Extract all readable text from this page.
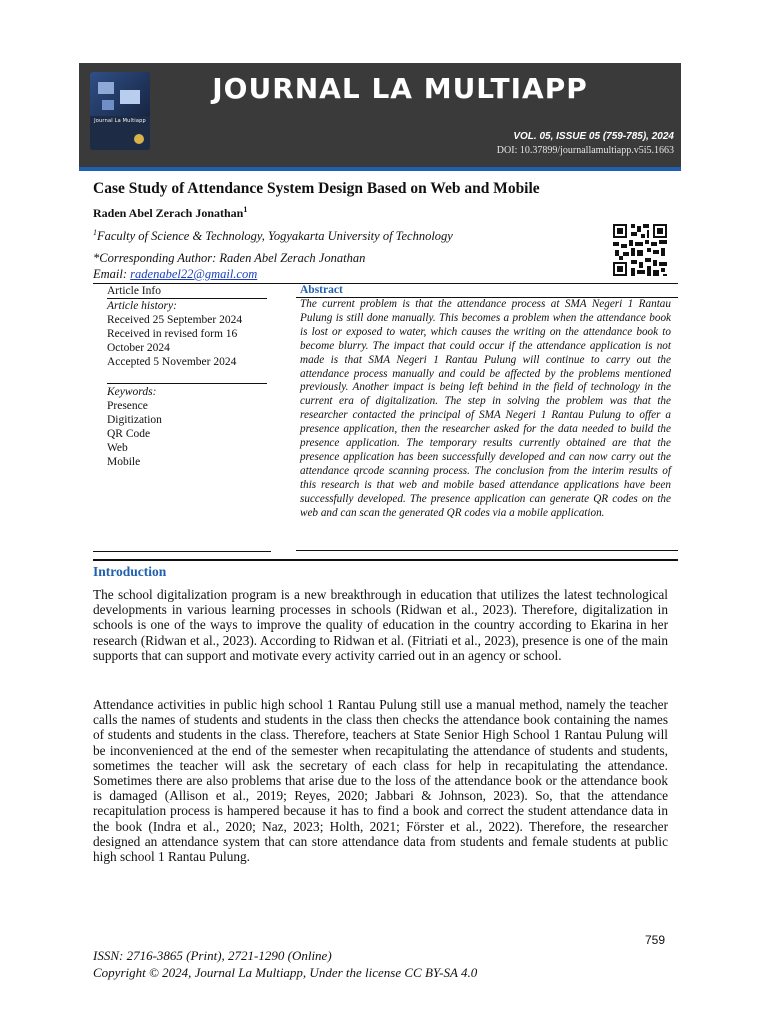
Journal La Multiapp
JOURNAL LA MULTIAPP
VOL. 05, ISSUE 05 (759-785), 2024
DOI: 10.37899/journallamultiapp.v5i5.1663
Case Study of Attendance System Design Based on Web and Mobile
Raden Abel Zerach Jonathan$^1$
$^1$Faculty of Science & Technology, Yogyakarta University of Technology
*Corresponding Author: Raden Abel Zerach Jonathan
Email: radenabel22@gmail.com
Article Info
Article history:
Received 25 September 2024
Received in revised form 16
October 2024
Accepted 5 November 2024
Keywords:
Presence
Digitization
QR Code
Web
Mobile
Abstract
The current problem is that the attendance process at SMA Negeri 1 Rantau Pulung is still done manually. This becomes a problem when the attendance book is lost or exposed to water, which causes the writing on the attendance book to become blurry. The impact that could occur if the attendance application is not made is that SMA Negeri 1 Rantau Pulung will continue to carry out the attendance process manually and could be affected by the problems mentioned previously. Another impact is being left behind in the field of technology in the current era of digitalization. The step in solving the problem was that the researcher contacted the principal of SMA Negeri 1 Rantau Pulung to offer a presence application, then the researcher asked for the data needed to build the presence application. The temporary results currently obtained are that the presence application has been successfully developed and can now carry out the attendance qrcode scanning process. The conclusion from the interim results of this research is that web and mobile based attendance applications have been successfully developed. The presence application can generate QR codes on the web and can scan the generated QR codes via a mobile application.
Introduction
The school digitalization program is a new breakthrough in education that utilizes the latest technological developments in various learning processes in schools (Ridwan et al., 2023). Therefore, digitalization in schools is one of the ways to improve the quality of education in the country according to Ekarina in her research (Ridwan et al., 2023). According to Ridwan et al. (Fitriati et al., 2023), presence is one of the main supports that can support and motivate every activity carried out in an agency or school.
Attendance activities in public high school 1 Rantau Pulung still use a manual method, namely the teacher calls the names of students and students in the class then checks the attendance book containing the names of students and students in the class. Therefore, teachers at State Senior High School 1 Rantau Pulung will be inconvenienced at the end of the semester when recapitulating the attendance of students and students, sometimes the teacher will ask the secretary of each class for help in recapitulating the attendance. Sometimes there are also problems that arise due to the loss of the attendance book or the attendance book is damaged (Allison et al., 2019; Reyes, 2020; Jabbari & Johnson, 2023). So, that the attendance recapitulation process is hampered because it has to find a book and correct the student attendance data in the book (Indra et al., 2020; Naz, 2023; Holth, 2021; Förster et al., 2022). Therefore, the researcher designed an attendance system that can store attendance data from students and female students at public high school 1 Rantau Pulung.
759
ISSN: 2716-3865 (Print), 2721-1290 (Online)
Copyright © 2024, Journal La Multiapp, Under the license CC BY-SA 4.0
